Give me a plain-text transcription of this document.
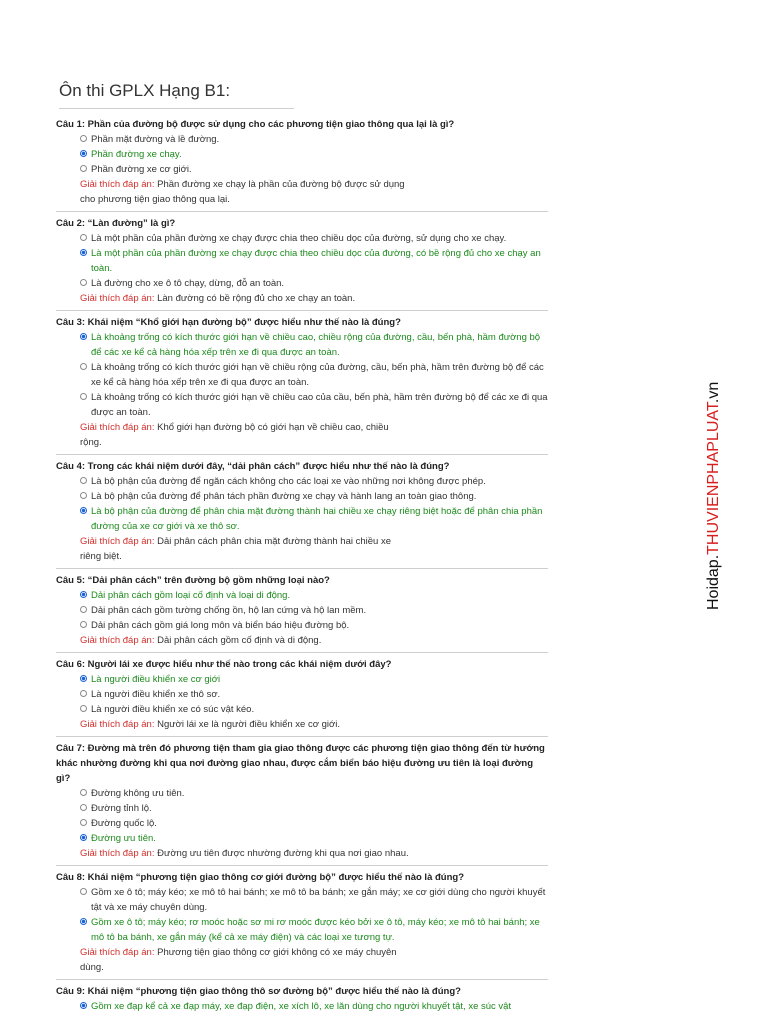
Ôn thi GPLX Hạng B1:
Câu 1: Phần của đường bộ được sử dụng cho các phương tiện giao thông qua lại là gì?
Phần mặt đường và lề đường.
Phần đường xe chạy.
Phần đường xe cơ giới.
Giải thích đáp án: Phần đường xe chạy là phần của đường bộ được sử dụng cho phương tiện giao thông qua lại.
Câu 2: “Làn đường” là gì?
Là một phần của phần đường xe chạy được chia theo chiều dọc của đường, sử dụng cho xe chạy.
Là một phần của phần đường xe chạy được chia theo chiều dọc của đường, có bề rộng đủ cho xe chạy an toàn.
Là đường cho xe ô tô chạy, dừng, đỗ an toàn.
Giải thích đáp án: Làn đường có bề rộng đủ cho xe chạy an toàn.
Câu 3: Khái niệm “Khổ giới hạn đường bộ” được hiểu như thế nào là đúng?
Là khoảng trống có kích thước giới hạn về chiều cao, chiều rộng của đường, cầu, bến phà, hầm đường bộ để các xe kể cả hàng hóa xếp trên xe đi qua được an toàn.
Là khoảng trống có kích thước giới hạn về chiều rộng của đường, cầu, bến phà, hầm trên đường bộ để các xe kể cả hàng hóa xếp trên xe đi qua được an toàn.
Là khoảng trống có kích thước giới hạn về chiều cao của cầu, bến phà, hầm trên đường bộ để các xe đi qua được an toàn.
Giải thích đáp án: Khổ giới hạn đường bộ có giới hạn về chiều cao, chiều rộng.
Câu 4: Trong các khái niệm dưới đây, “dải phân cách” được hiểu như thế nào là đúng?
Là bộ phận của đường để ngăn cách không cho các loại xe vào những nơi không được phép.
Là bộ phận của đường để phân tách phần đường xe chạy và hành lang an toàn giao thông.
Là bộ phận của đường để phân chia mặt đường thành hai chiều xe chạy riêng biệt hoặc để phân chia phần đường của xe cơ giới và xe thô sơ.
Giải thích đáp án: Dải phân cách phân chia mặt đường thành hai chiều xe riêng biệt.
Câu 5: “Dải phân cách” trên đường bộ gồm những loại nào?
Dải phân cách gồm loại cố định và loại di động.
Dải phân cách gồm tường chống ồn, hộ lan cứng và hộ lan mềm.
Dải phân cách gồm giá long môn và biển báo hiệu đường bộ.
Giải thích đáp án: Dải phân cách gồm cố định và di động.
Câu 6: Người lái xe được hiểu như thế nào trong các khái niệm dưới đây?
Là người điều khiển xe cơ giới
Là người điều khiển xe thô sơ.
Là người điều khiển xe có súc vật kéo.
Giải thích đáp án: Người lái xe là người điều khiển xe cơ giới.
Câu 7: Đường mà trên đó phương tiện tham gia giao thông được các phương tiện giao thông đến từ hướng khác nhường đường khi qua nơi đường giao nhau, được cắm biển báo hiệu đường ưu tiên là loại đường gì?
Đường không ưu tiên.
Đường tỉnh lộ.
Đường quốc lộ.
Đường ưu tiên.
Giải thích đáp án: Đường ưu tiên được nhường đường khi qua nơi giao nhau.
Câu 8: Khái niệm “phương tiện giao thông cơ giới đường bộ” được hiểu thế nào là đúng?
Gồm xe ô tô; máy kéo; xe mô tô hai bánh; xe mô tô ba bánh; xe gắn máy; xe cơ giới dùng cho người khuyết tật và xe máy chuyên dùng.
Gồm xe ô tô; máy kéo; rơ moóc hoặc sơ mi rơ moóc được kéo bởi xe ô tô, máy kéo; xe mô tô hai bánh; xe mô tô ba bánh, xe gắn máy (kể cả xe máy điện) và các loại xe tương tự.
Giải thích đáp án: Phương tiện giao thông cơ giới không có xe máy chuyên dùng.
Câu 9: Khái niệm “phương tiện giao thông thô sơ đường bộ” được hiểu thế nào là đúng?
Gồm xe đạp kể cả xe đạp máy, xe đạp điện, xe xích lô, xe lăn dùng cho người khuyết tật, xe súc vật
Hoidap.THUVIENPHAPLUAT.vn
